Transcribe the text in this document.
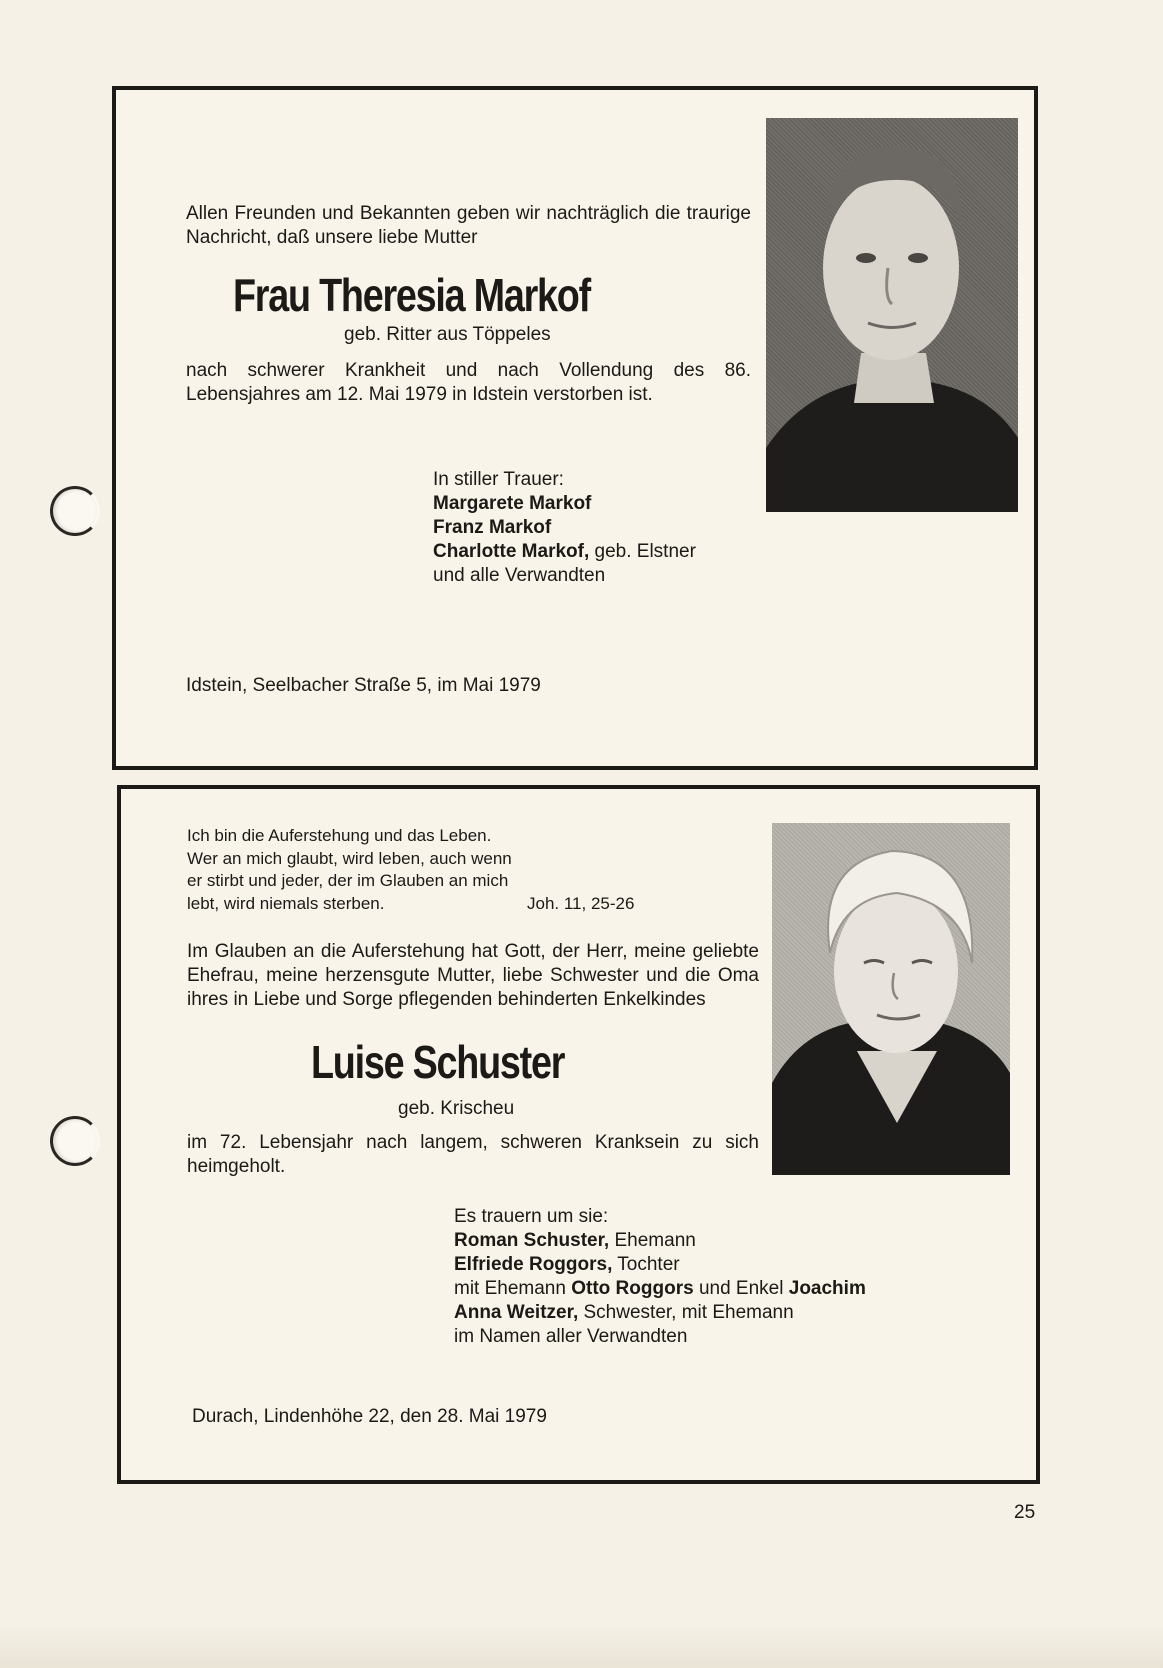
Allen Freunden und Bekannten geben wir nachträglich die traurige Nachricht, daß unsere liebe Mutter

Frau Theresia Markof

geb. Ritter aus Töppeles

nach schwerer Krankheit und nach Vollendung des 86. Lebensjahres am 12. Mai 1979 in Idstein verstorben ist.

In stiller Trauer:
Margarete Markof
Franz Markof
Charlotte Markof, geb. Elstner
und alle Verwandten

Idstein, Seelbacher Straße 5, im Mai 1979

Ich bin die Auferstehung und das Leben.
Wer an mich glaubt, wird leben, auch wenn
er stirbt und jeder, der im Glauben an mich
lebt, wird niemals sterben.	Joh. 11, 25-26

Im Glauben an die Auferstehung hat Gott, der Herr, meine geliebte Ehefrau, meine herzensgute Mutter, liebe Schwester und die Oma ihres in Liebe und Sorge pflegenden behinderten Enkelkindes

Luise Schuster

geb. Krischeu

im 72. Lebensjahr nach langem, schweren Kranksein zu sich heimgeholt.

Es trauern um sie:
Roman Schuster, Ehemann
Elfriede Roggors, Tochter
mit Ehemann Otto Roggors und Enkel Joachim
Anna Weitzer, Schwester, mit Ehemann
im Namen aller Verwandten

Durach, Lindenhöhe 22, den 28. Mai 1979

25
